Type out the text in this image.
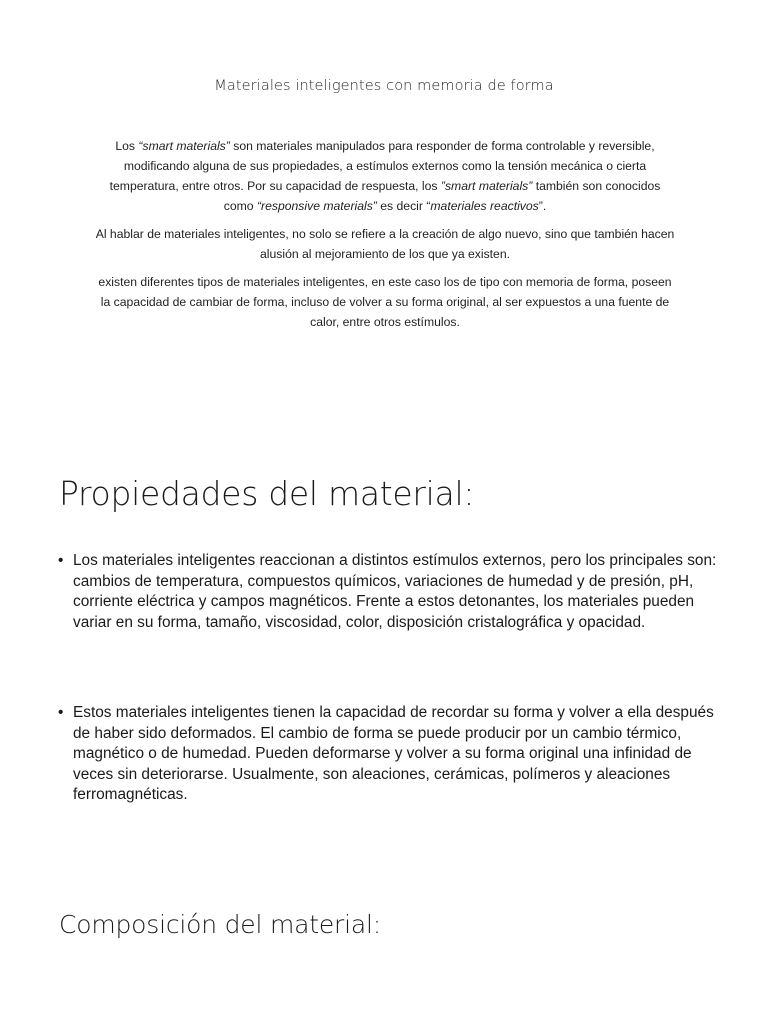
Materiales inteligentes con memoria de forma

Los “smart materials” son materiales manipulados para responder de forma controlable y reversible, modificando alguna de sus propiedades, a estímulos externos como la tensión mecánica o cierta temperatura, entre otros. Por su capacidad de respuesta, los ”smart materials” también son conocidos como “responsive materials” es decir “materiales reactivos”.

Al hablar de materiales inteligentes, no solo se refiere a la creación de algo nuevo, sino que también hacen alusión al mejoramiento de los que ya existen.

existen diferentes tipos de materiales inteligentes, en este caso los de tipo con memoria de forma, poseen la capacidad de cambiar de forma, incluso de volver a su forma original, al ser expuestos a una fuente de calor, entre otros estímulos.

Propiedades del material:
• Los materiales inteligentes reaccionan a distintos estímulos externos, pero los principales son: cambios de temperatura, compuestos químicos, variaciones de humedad y de presión, pH, corriente eléctrica y campos magnéticos. Frente a estos detonantes, los materiales pueden variar en su forma, tamaño, viscosidad, color, disposición cristalográfica y opacidad.
• Estos materiales inteligentes tienen la capacidad de recordar su forma y volver a ella después de haber sido deformados. El cambio de forma se puede producir por un cambio térmico, magnético o de humedad. Pueden deformarse y volver a su forma original una infinidad de veces sin deteriorarse. Usualmente, son aleaciones, cerámicas, polímeros y aleaciones ferromagnéticas.
Composición del material:
